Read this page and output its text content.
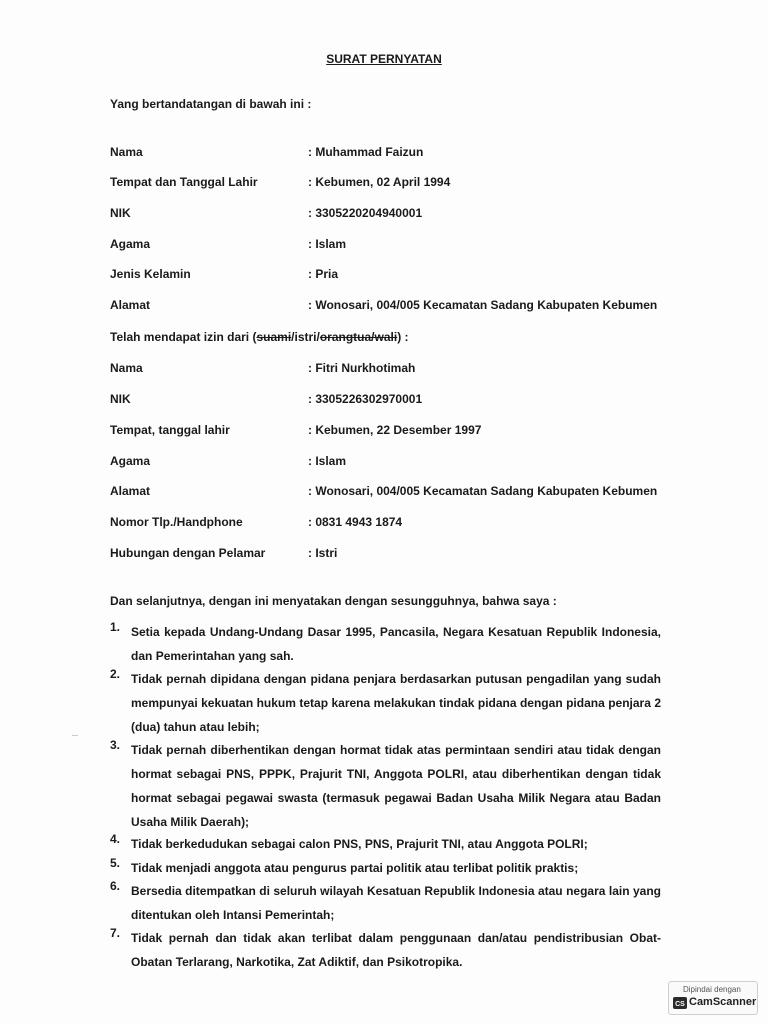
SURAT PERNYATAN
Yang bertandatangan di bawah ini :
Nama	: Muhammad Faizun
Tempat dan Tanggal Lahir	: Kebumen, 02 April 1994
NIK	: 3305220204940001
Agama	: Islam
Jenis Kelamin	: Pria
Alamat	: Wonosari, 004/005 Kecamatan Sadang Kabupaten Kebumen
Telah mendapat izin dari (suami/istri/orangtua/wali) :
Nama	: Fitri Nurkhotimah
NIK	: 3305226302970001
Tempat, tanggal lahir	: Kebumen, 22 Desember 1997
Agama	: Islam
Alamat	: Wonosari, 004/005 Kecamatan Sadang Kabupaten Kebumen
Nomor Tlp./Handphone	: 0831 4943 1874
Hubungan dengan Pelamar	: Istri
Dan selanjutnya, dengan ini menyatakan dengan sesungguhnya, bahwa saya :
1. Setia kepada Undang-Undang Dasar 1995, Pancasila, Negara Kesatuan Republik Indonesia, dan Pemerintahan yang sah.
2. Tidak pernah dipidana dengan pidana penjara berdasarkan putusan pengadilan yang sudah mempunyai kekuatan hukum tetap karena melakukan tindak pidana dengan pidana penjara 2 (dua) tahun atau lebih;
3. Tidak pernah diberhentikan dengan hormat tidak atas permintaan sendiri atau tidak dengan hormat sebagai PNS, PPPK, Prajurit TNI, Anggota POLRI, atau diberhentikan dengan tidak hormat sebagai pegawai swasta (termasuk pegawai Badan Usaha Milik Negara atau Badan Usaha Milik Daerah);
4. Tidak berkedudukan sebagai calon PNS, PNS, Prajurit TNI, atau Anggota POLRI;
5. Tidak menjadi anggota atau pengurus partai politik atau terlibat politik praktis;
6. Bersedia ditempatkan di seluruh wilayah Kesatuan Republik Indonesia atau negara lain yang ditentukan oleh Intansi Pemerintah;
7. Tidak pernah dan tidak akan terlibat dalam penggunaan dan/atau pendistribusian Obat-Obatan Terlarang, Narkotika, Zat Adiktif, dan Psikotropika.
Dipindai dengan
CS CamScanner
